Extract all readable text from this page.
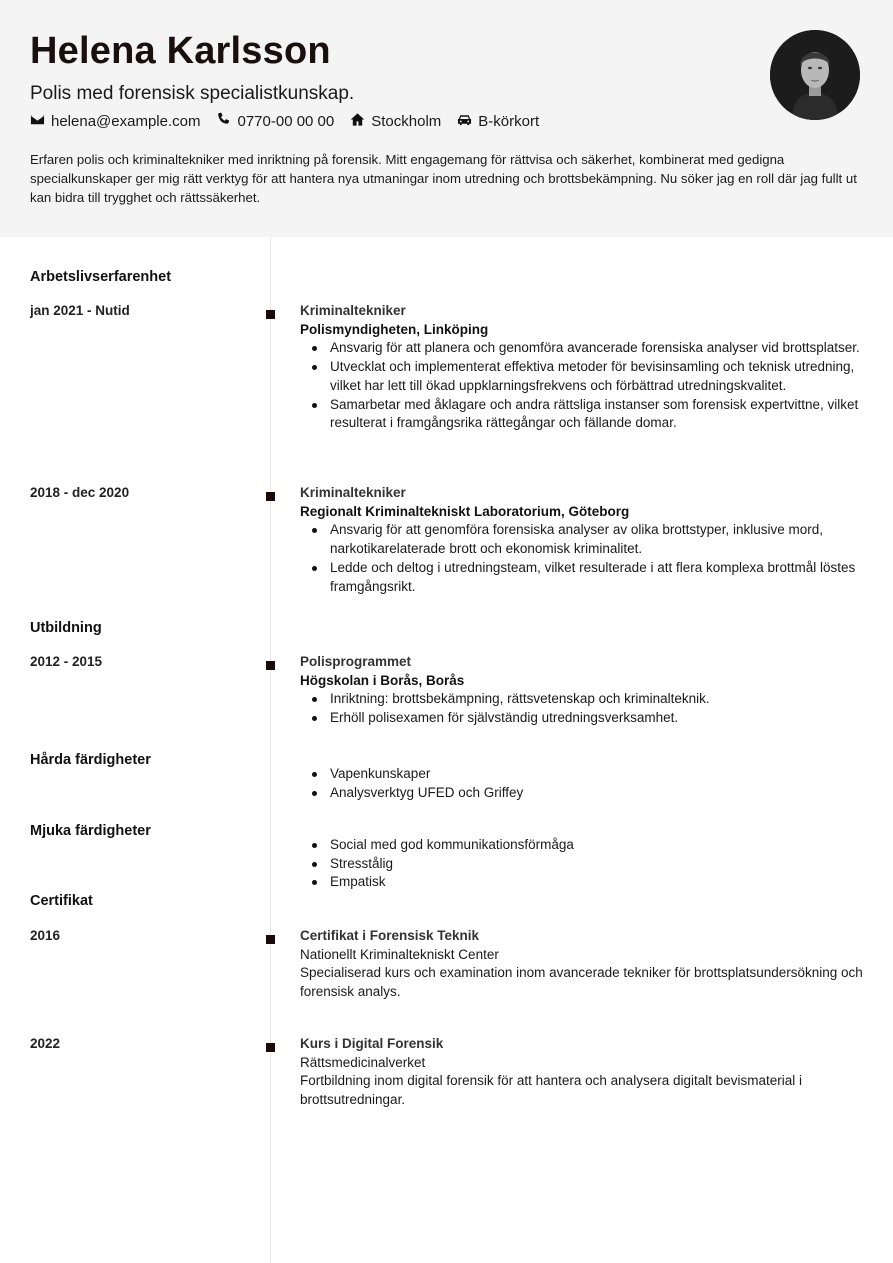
Helena Karlsson
Polis med forensisk specialistkunskap.
helena@example.com 0770-00 00 00 Stockholm B-körkort
Erfaren polis och kriminaltekniker med inriktning på forensik. Mitt engagemang för rättvisa och säkerhet, kombinerat med gedigna specialkunskaper ger mig rätt verktyg för att hantera nya utmaningar inom utredning och brottsbekämpning. Nu söker jag en roll där jag fullt ut kan bidra till trygghet och rättssäkerhet.
Arbetslivserfarenhet
jan 2021 - Nutid	Kriminaltekniker
Polismyndigheten, Linköping
Ansvarig för att planera och genomföra avancerade forensiska analyser vid brottsplatser.
Utvecklat och implementerat effektiva metoder för bevisinsamling och teknisk utredning, vilket har lett till ökad uppklarningsfrekvens och förbättrad utredningskvalitet.
Samarbetar med åklagare och andra rättsliga instanser som forensisk expertvittne, vilket resulterat i framgångsrika rättegångar och fällande domar.
2018 - dec 2020	Kriminaltekniker
Regionalt Kriminaltekniskt Laboratorium, Göteborg
Ansvarig för att genomföra forensiska analyser av olika brottstyper, inklusive mord, narkotikarelaterade brott och ekonomisk kriminalitet.
Ledde och deltog i utredningsteam, vilket resulterade i att flera komplexa brottmål löstes framgångsrikt.
Utbildning
2012 - 2015	Polisprogrammet
Högskolan i Borås, Borås
Inriktning: brottsbekämpning, rättsvetenskap och kriminalteknik.
Erhöll polisexamen för självständig utredningsverksamhet.
Hårda färdigheter
Vapenkunskaper
Analysverktyg UFED och Griffey
Mjuka färdigheter
Social med god kommunikationsförmåga
Stresstålig
Empatisk
Certifikat
2016	Certifikat i Forensisk Teknik
Nationellt Kriminaltekniskt Center
Specialiserad kurs och examination inom avancerade tekniker för brottsplatsundersökning och forensisk analys.
2022	Kurs i Digital Forensik
Rättsmedicinalverket
Fortbildning inom digital forensik för att hantera och analysera digitalt bevismaterial i brottsutredningar.
